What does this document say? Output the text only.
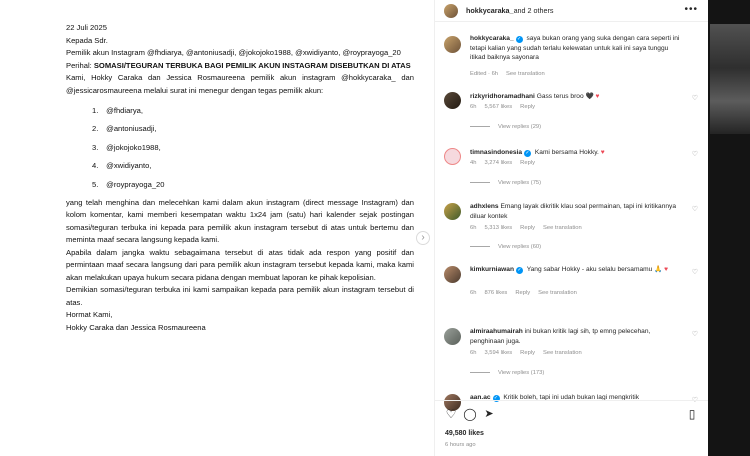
22 Juli 2025

Kepada Sdr.

Pemilik akun Instagram @fhdiarya, @antoniusadji, @jokojoko1988, @xwidiyanto, @royprayoga_20

Perihal: SOMASI/TEGURAN TERBUKA BAGI PEMILIK AKUN INSTAGRAM DISEBUTKAN DI ATAS

Kami, Hokky Caraka dan Jessica Rosmaureena pemilik akun instagram @hokkycaraka_ dan @jessicarosmaureena melalui surat ini menegur dengan tegas pemilik akun:

1. @fhdiarya,
2. @antoniusadji,
3. @jokojoko1988,
4. @xwidiyanto,
5. @royprayoga_20

yang telah menghina dan melecehkan kami dalam akun instagram (direct message Instagram) dan kolom komentar, kami memberi kesempatan waktu 1x24 jam (satu) hari kalender sejak postingan somasi/teguran terbuka ini kepada para pemilik akun instagram tersebut di atas untuk bertemu dan meminta maaf secara langsung kepada kami.

Apabila dalam jangka waktu sebagaimana tersebut di atas tidak ada respon yang positif dan permintaan maaf secara langsung dari para pemilik akun instagram tersebut kepada kami, maka kami akan melakukan upaya hukum secara pidana dengan membuat laporan ke pihak kepolisian.

Demikian somasi/teguran terbuka ini kami sampaikan kepada para pemilik akun instagram tersebut di atas.

Hormat Kami,

Hokky Caraka dan Jessica Rosmaureena

›
hokkycaraka_ and 2 others	•••
hokkycaraka_ ✓ saya bukan orang yang suka dengan cara seperti ini tetapi kalian yang sudah terlalu kelewatan untuk kali ini saya tunggu itikad baiknya sayonara
Edited · 6h See translation
rizkyridhoramadhani Gass terus broo 🖤 ♥	♡
6h 5,567 likes Reply
View replies (29)
timnasindonesia ✓ Kami bersama Hokky. ♥	♡
4h 3,274 likes Reply
View replies (75)
adhxlens Emang layak dikritik klau soal permainan, tapi ini kritikannya diluar kontek
♡
6h 5,313 likes Reply See translation
View replies (60)
kimkurniawan ✓ Yang sabar Hokky - aku selalu bersamamu 🙏 ♥	♡
6h 876 likes Reply See translation
almiraahumairah ini bukan kritik lagi sih, tp emng pelecehan, penghinaan juga.
♡
6h 3,594 likes Reply See translation
View replies (173)
aan.ac ✓ Kritik boleh, tapi ini udah bukan lagi mengkritik	♡
♡ ◯ ➤	▯
49,580 likes
6 hours ago
